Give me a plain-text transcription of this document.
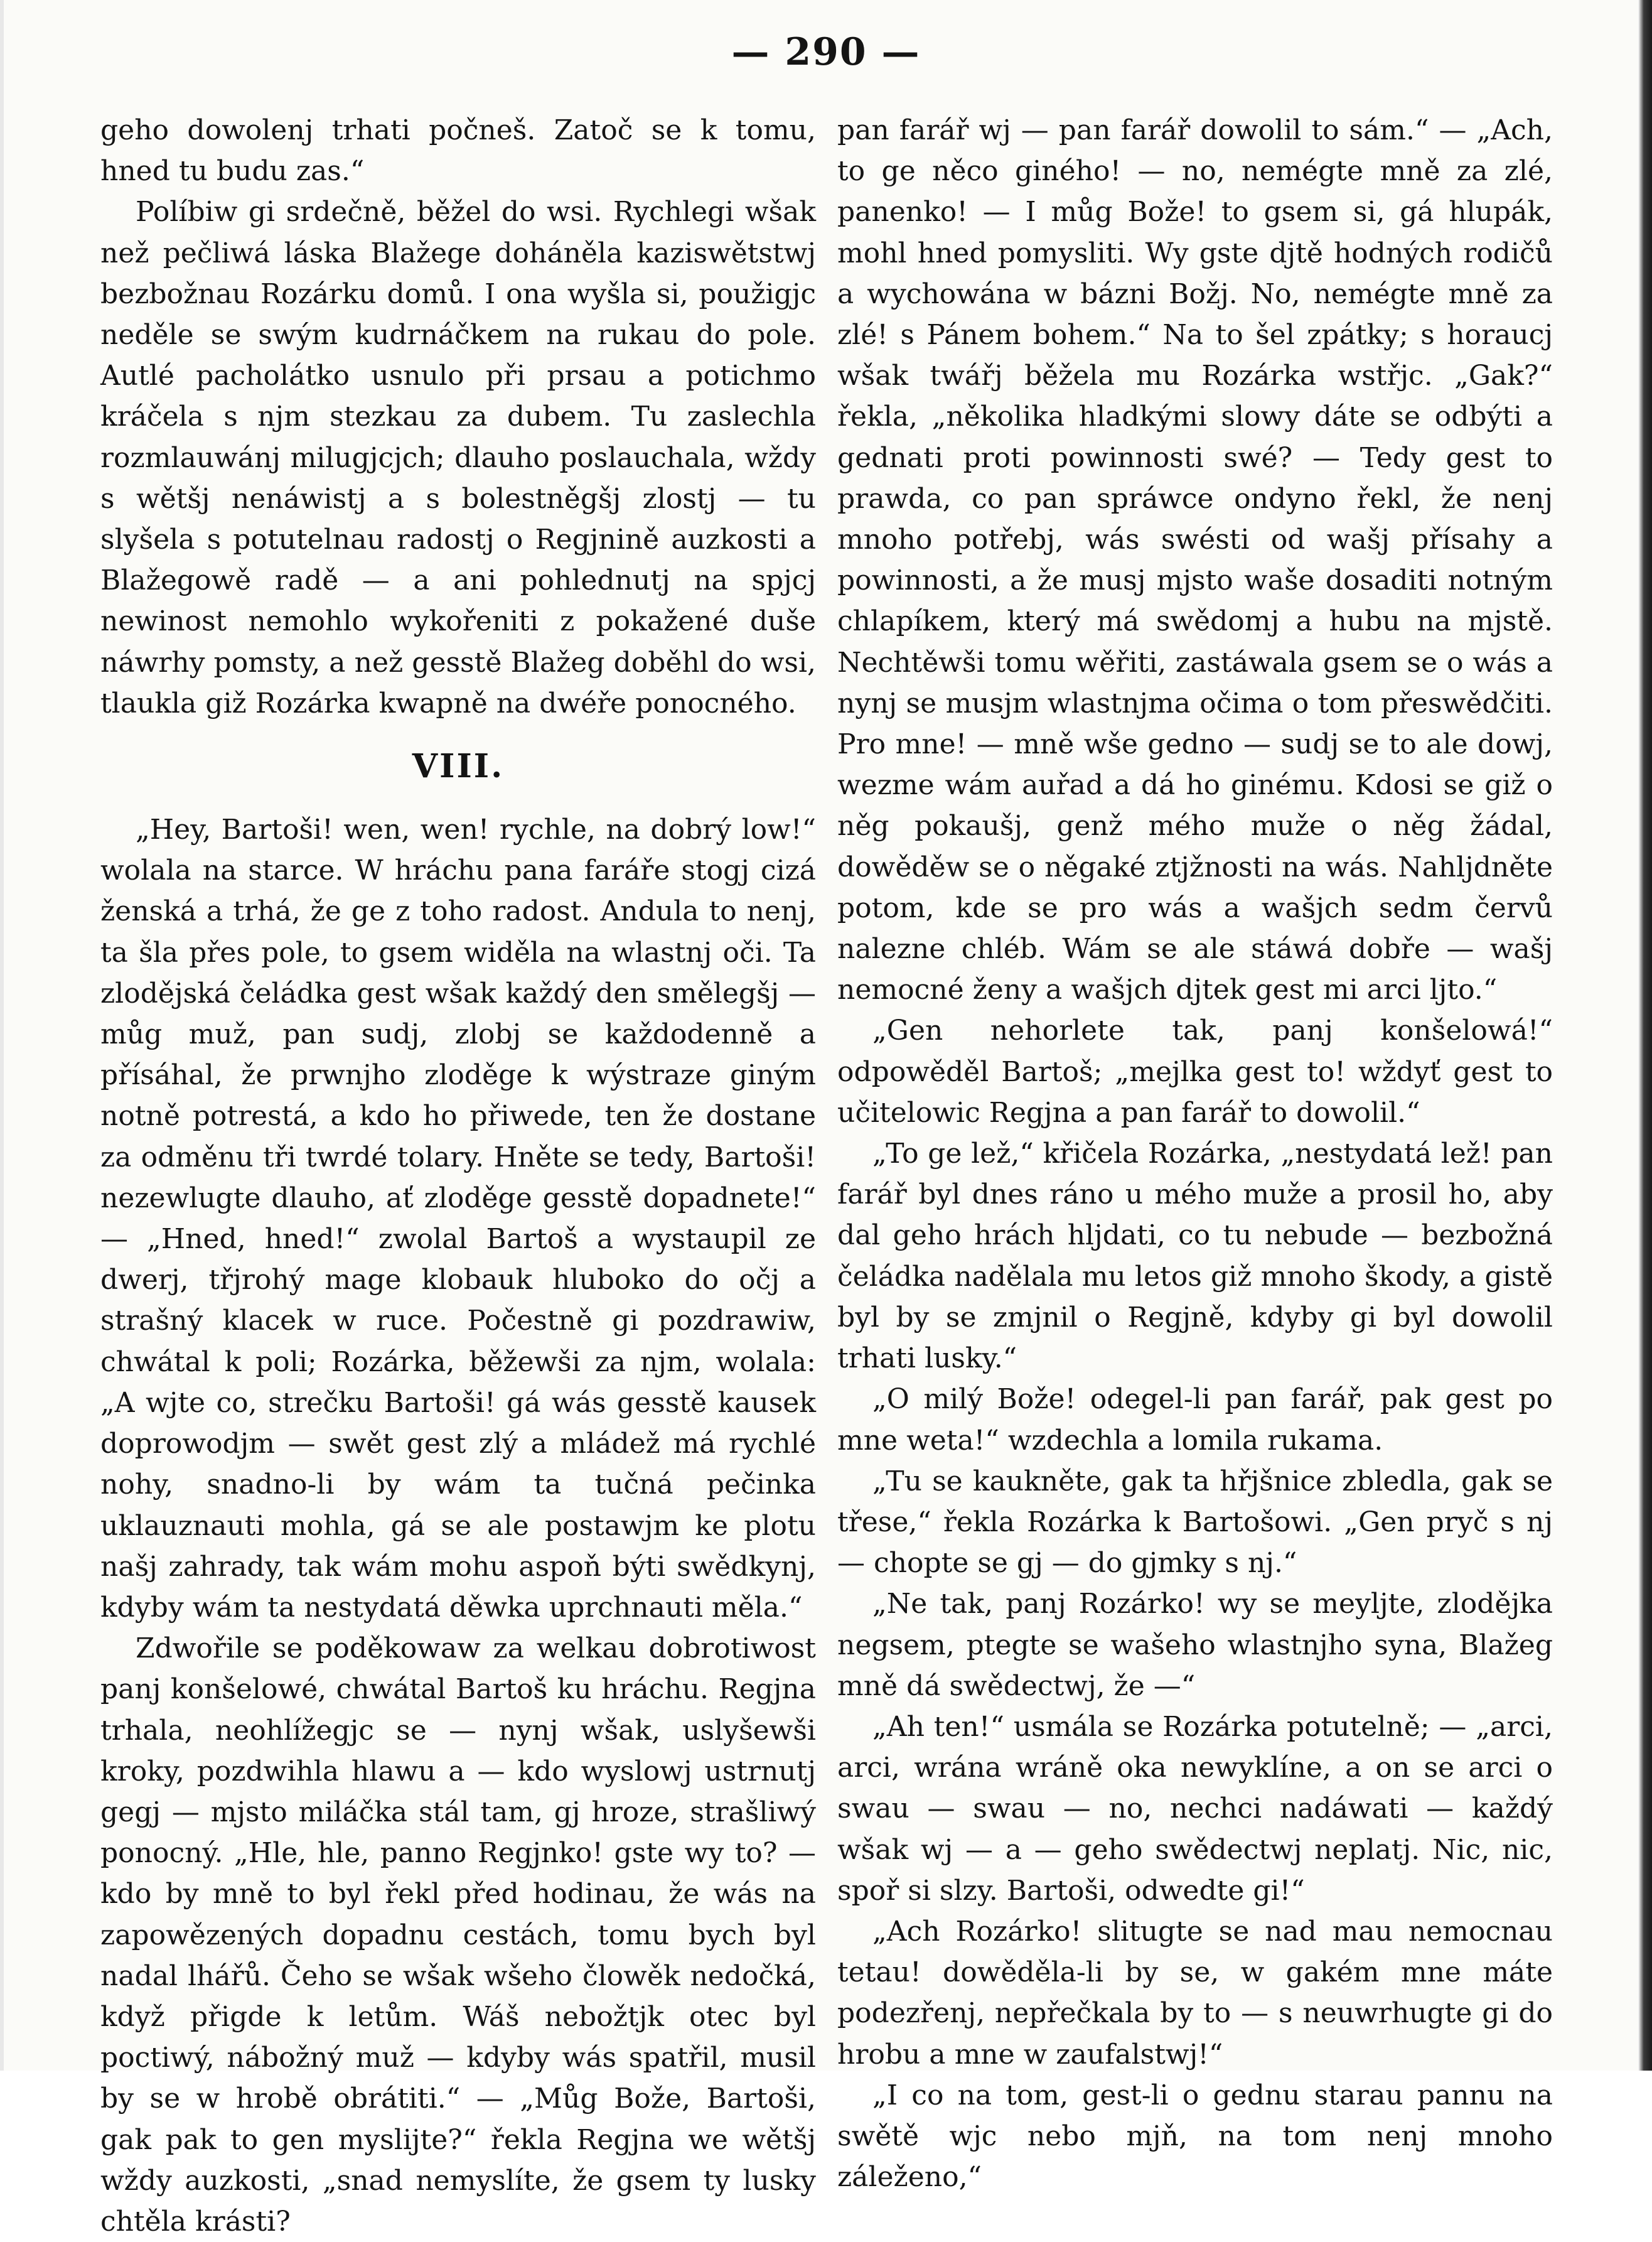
— 290 —

geho dowolenj trhati počneš. Zatoč se k tomu, hned tu budu zas.“

Políbiw gi srdečně, běžel do wsi. Rychlegi wšak než pečliwá láska Blažege doháněla kaziswětstwj bezbožnau Rozárku domů. I ona wyšla si, použigjc neděle se swým kudrnáčkem na rukau do pole. Autlé pacholátko usnulo při prsau a potichmo kráčela s njm stezkau za dubem. Tu zaslechla rozmlauwánj milugjcjch; dlauho poslauchala, wždy s wětšj nenáwistj a s bolestněgšj zlostj — tu slyšela s potutelnau radostj o Regjnině auzkosti a Blažegowě radě — a ani pohlednutj na spjcj newinost nemohlo wykořeniti z pokažené duše náwrhy pomsty, a než gesstě Blažeg doběhl do wsi, tlaukla giž Rozárka kwapně na dwéře ponocného.

VIII.

„Hey, Bartoši! wen, wen! rychle, na dobrý low!“ wolala na starce. W hráchu pana faráře stogj cizá ženská a trhá, že ge z toho radost. Andula to nenj, ta šla přes pole, to gsem widěla na wlastnj oči. Ta zlodějská čeládka gest wšak každý den smělegšj — můg muž, pan sudj, zlobj se každodenně a přísáhal, že prwnjho zloděge k wýstraze giným notně potrestá, a kdo ho přiwede, ten že dostane za odměnu tři twrdé tolary. Hněte se tedy, Bartoši! nezewlugte dlauho, ať zloděge gesstě dopadnete!“ — „Hned, hned!“ zwolal Bartoš a wystaupil ze dwerj, třjrohý mage klobauk hluboko do očj a strašný klacek w ruce. Počestně gi pozdrawiw, chwátal k poli; Rozárka, běžewši za njm, wolala: „A wjte co, strečku Bartoši! gá wás gesstě kausek doprowodjm — swět gest zlý a mládež má rychlé nohy, snadno-li by wám ta tučná pečinka uklauznauti mohla, gá se ale postawjm ke plotu našj zahrady, tak wám mohu aspoň býti swědkynj, kdyby wám ta nestydatá děwka uprchnauti měla.“

Zdwořile se poděkowaw za welkau dobrotiwost panj konšelowé, chwátal Bartoš ku hráchu. Regjna trhala, neohlížegjc se — nynj wšak, uslyšewši kroky, pozdwihla hlawu a — kdo wyslowj ustrnutj gegj — mjsto miláčka stál tam, gj hroze, strašliwý ponocný. „Hle, hle, panno Regjnko! gste wy to? — kdo by mně to byl řekl před hodinau, že wás na zapowězených dopadnu cestách, tomu bych byl nadal lhářů. Čeho se wšak wšeho člowěk nedočká, když přigde k letům. Wáš nebožtjk otec byl poctiwý, nábožný muž — kdyby wás spatřil, musil by se w hrobě obrátiti.“ — „Můg Bože, Bartoši, gak pak to gen myslijte?“ řekla Regjna we wětšj wždy auzkosti, „snad nemyslíte, že gsem ty lusky chtěla krásti?

pan farář wj — pan farář dowolil to sám.“ — „Ach, to ge něco giného! — no, nemégte mně za zlé, panenko! — I můg Bože! to gsem si, gá hlupák, mohl hned pomysliti. Wy gste djtě hodných rodičů a wychowána w bázni Božj. No, nemégte mně za zlé! s Pánem bohem.“ Na to šel zpátky; s horaucj wšak twářj běžela mu Rozárka wstřjc. „Gak?“ řekla, „několika hladkými slowy dáte se odbýti a gednati proti powinnosti swé? — Tedy gest to prawda, co pan spráwce ondyno řekl, že nenj mnoho potřebj, wás swésti od wašj přísahy a powinnosti, a že musj mjsto waše dosaditi notným chlapíkem, který má swědomj a hubu na mjstě. Nechtěwši tomu wěřiti, zastáwala gsem se o wás a nynj se musjm wlastnjma očima o tom přeswědčiti. Pro mne! — mně wše gedno — sudj se to ale dowj, wezme wám auřad a dá ho ginému. Kdosi se giž o něg pokaušj, genž mého muže o něg žádal, dowěděw se o něgaké ztjžnosti na wás. Nahljdněte potom, kde se pro wás a wašjch sedm červů nalezne chléb. Wám se ale stáwá dobře — wašj nemocné ženy a wašjch djtek gest mi arci ljto.“

„Gen nehorlete tak, panj konšelowá!“ odpowěděl Bartoš; „mejlka gest to! wždyť gest to učitelowic Regjna a pan farář to dowolil.“

„To ge lež,“ křičela Rozárka, „nestydatá lež! pan farář byl dnes ráno u mého muže a prosil ho, aby dal geho hrách hljdati, co tu nebude — bezbožná čeládka nadělala mu letos giž mnoho škody, a gistě byl by se zmjnil o Regjně, kdyby gi byl dowolil trhati lusky.“

„O milý Bože! odegel-li pan farář, pak gest po mne weta!“ wzdechla a lomila rukama.

„Tu se kaukněte, gak ta hřjšnice zbledla, gak se třese,“ řekla Rozárka k Bartošowi. „Gen pryč s nj — chopte se gj — do gjmky s nj.“

„Ne tak, panj Rozárko! wy se meyljte, zlodějka negsem, ptegte se wašeho wlastnjho syna, Blažeg mně dá swědectwj, že —“

„Ah ten!“ usmála se Rozárka potutelně; — „arci, arci, wrána wráně oka newyklíne, a on se arci o swau — swau — no, nechci nadáwati — každý wšak wj — a — geho swědectwj neplatj. Nic, nic, spoř si slzy. Bartoši, odwedte gi!“

„Ach Rozárko! slitugte se nad mau nemocnau tetau! dowěděla-li by se, w gakém mne máte podezřenj, nepřečkala by to — s neuwrhugte gi do hrobu a mne w zaufalstwj!“

„I co na tom, gest-li o gednu starau pannu na swětě wjc nebo mjň, na tom nenj mnoho záleženo,“
